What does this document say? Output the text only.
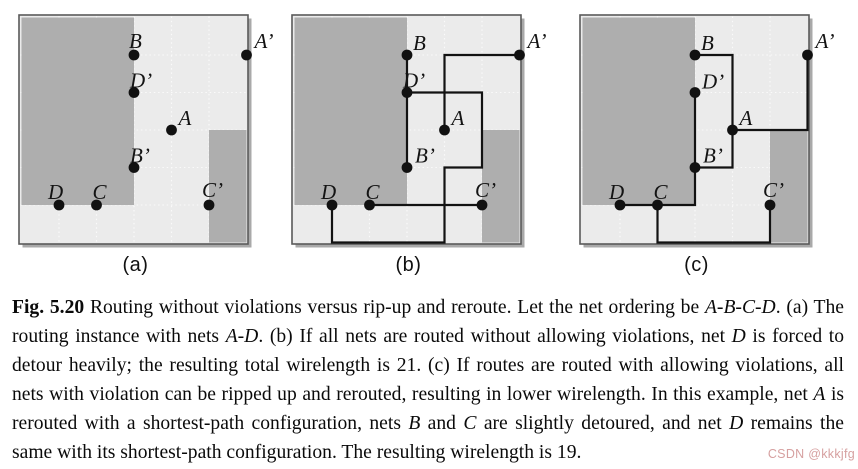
B
D’
A
A’
B’
D C	C’
(a)
B
D’
A
A’
B’
D C	C’
(b)
B
D’
A
A’
B’
D C	C’
(c)

Fig. 5.20 Routing without violations versus rip-up and reroute. Let the net ordering be A-B-C-D. (a) The routing instance with nets A-D. (b) If all nets are routed without allowing violations, net D is forced to detour heavily; the resulting total wirelength is 21. (c) If routes are routed with allowing violations, all nets with violation can be ripped up and rerouted, resulting in lower wirelength. In this example, net A is rerouted with a shortest-path configuration, nets B and C are slightly detoured, and net D remains the same with its shortest-path configuration. The resulting wirelength is 19.	CSDN @kkkjfg
